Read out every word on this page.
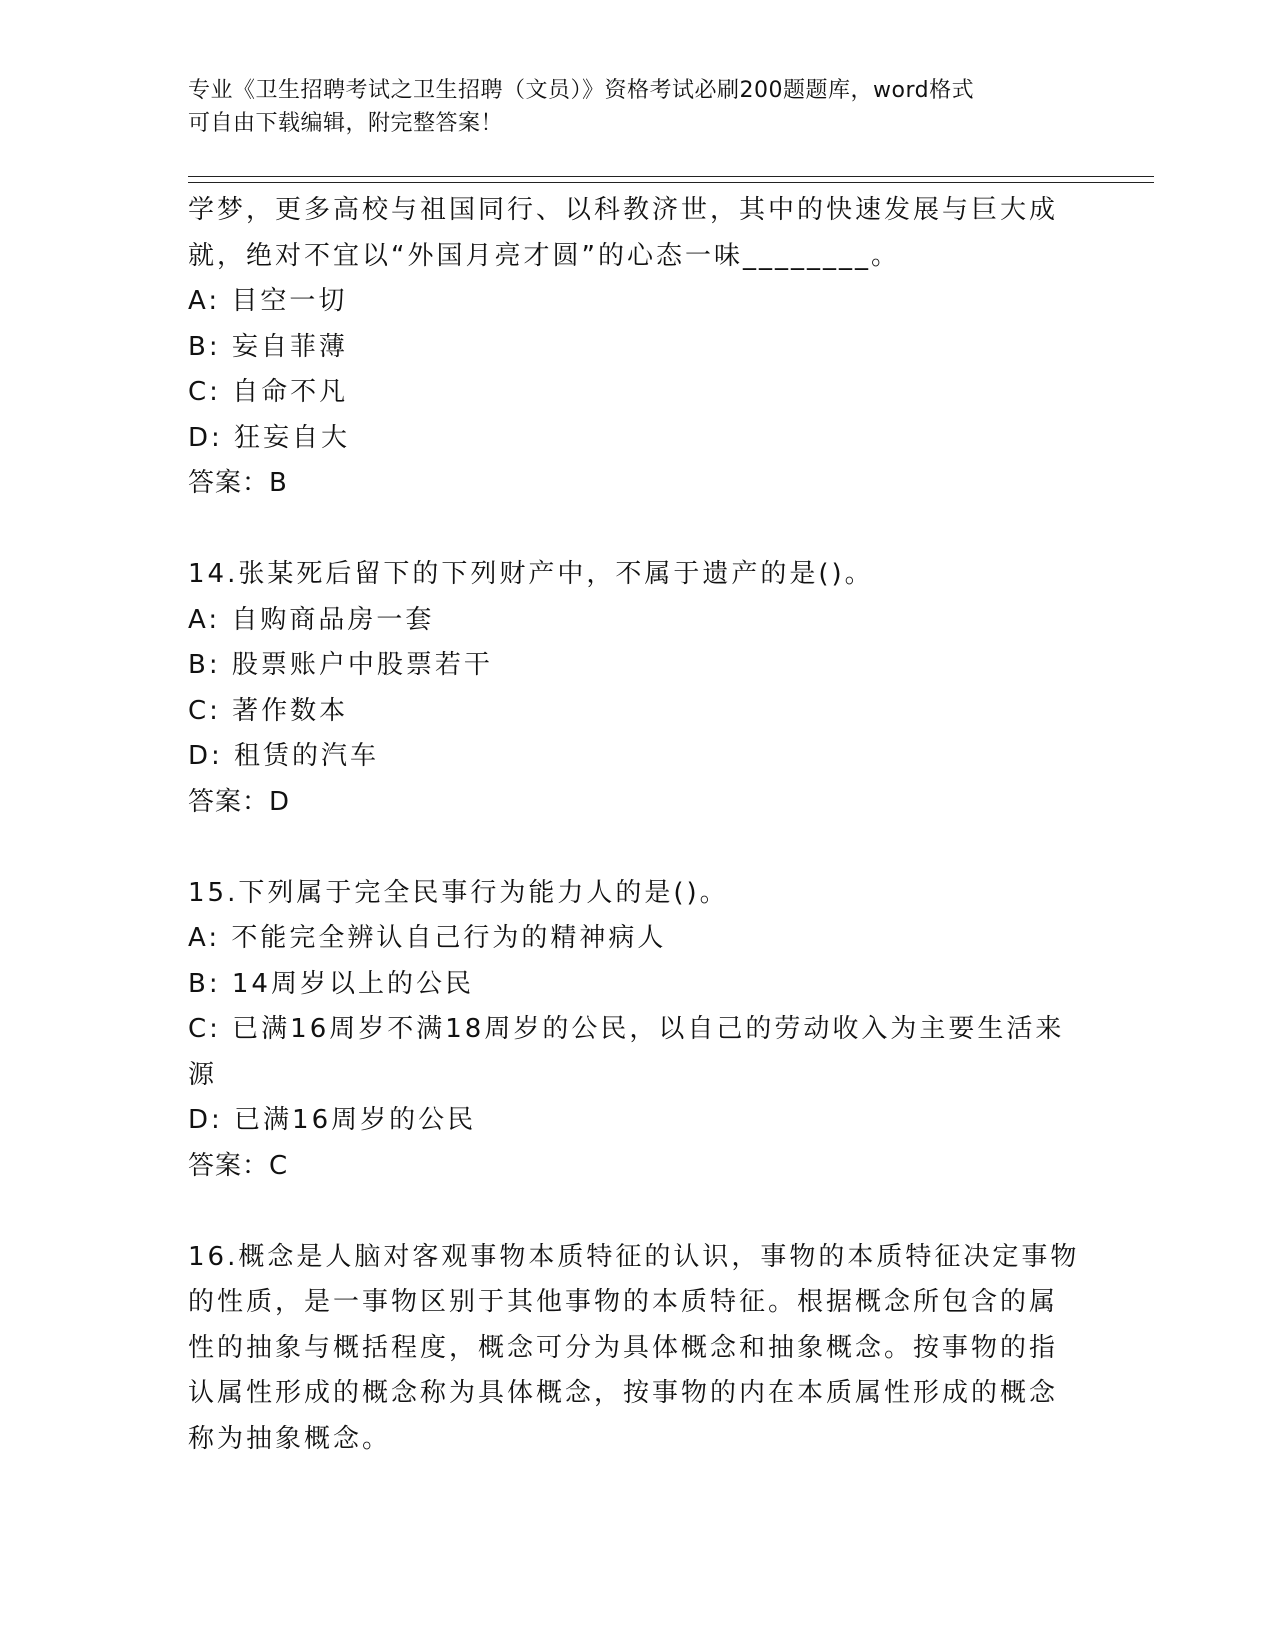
专业《卫生招聘考试之卫生招聘（文员）》资格考试必刷200题题库，word格式
可自由下载编辑，附完整答案！
学梦，更多高校与祖国同行、以科教济世，其中的快速发展与巨大成
就，绝对不宜以“外国月亮才圆”的心态一味________。
A: 目空一切
B: 妄自菲薄
C: 自命不凡
D: 狂妄自大
答案：B
14.张某死后留下的下列财产中，不属于遗产的是()。
A: 自购商品房一套
B: 股票账户中股票若干
C: 著作数本
D: 租赁的汽车
答案：D
15.下列属于完全民事行为能力人的是()。
A: 不能完全辨认自己行为的精神病人
B: 14周岁以上的公民
C: 已满16周岁不满18周岁的公民，以自己的劳动收入为主要生活来
源
D: 已满16周岁的公民
答案：C
16.概念是人脑对客观事物本质特征的认识，事物的本质特征决定事物
的性质，是一事物区别于其他事物的本质特征。根据概念所包含的属
性的抽象与概括程度，概念可分为具体概念和抽象概念。按事物的指
认属性形成的概念称为具体概念，按事物的内在本质属性形成的概念
称为抽象概念。
